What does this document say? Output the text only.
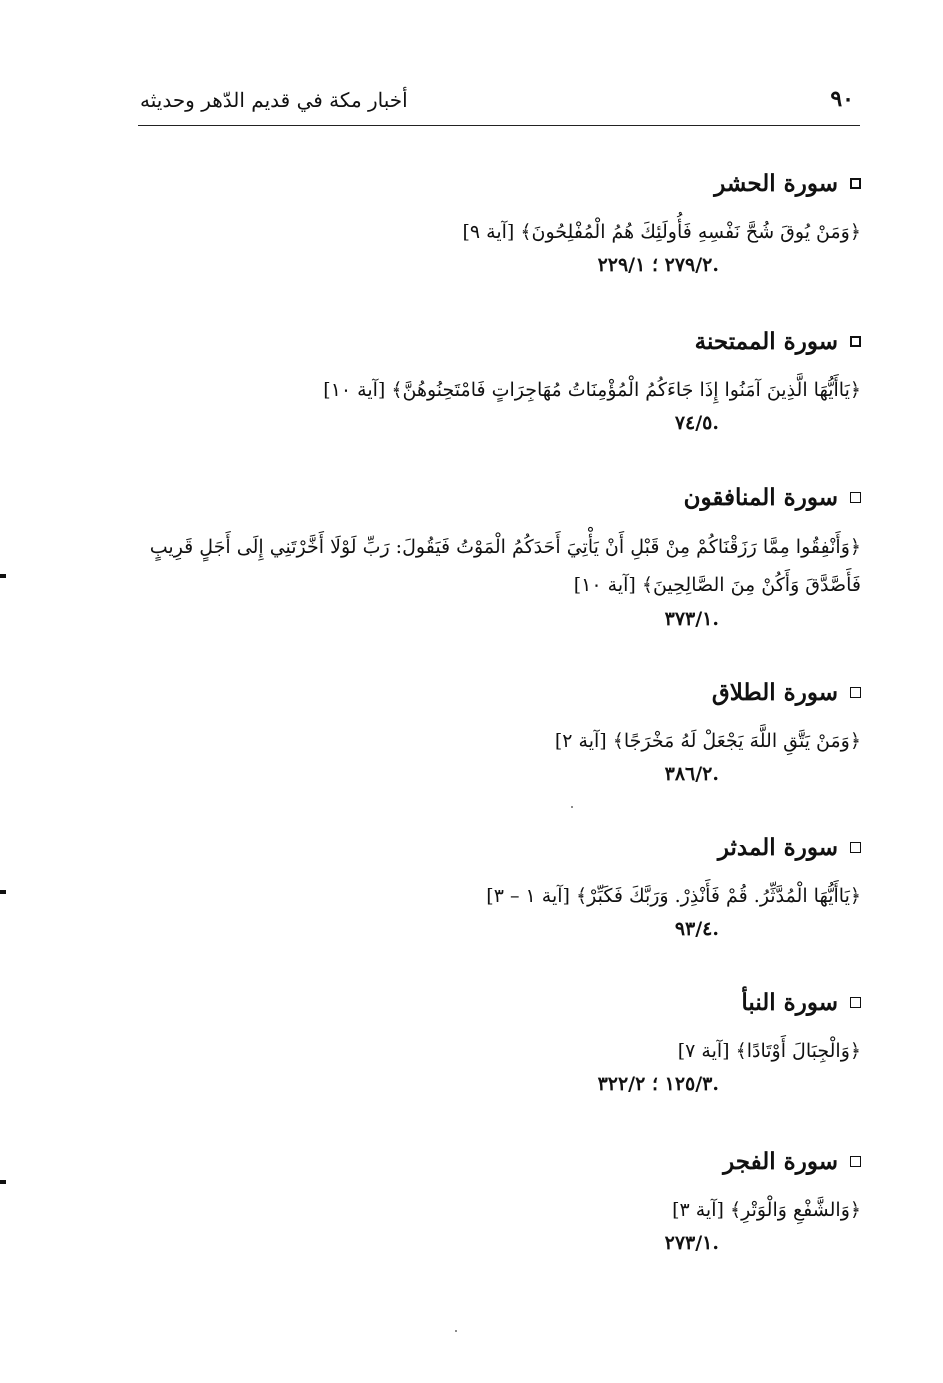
٩٠
أخبار مكة في قديم الدّهر وحديثه
سورة الحشر
﴿وَمَنْ يُوقَ شُحَّ نَفْسِهِ فَأُولَئِكَ هُمُ الْمُفْلِحُونَ﴾ [آية ٩]
.٢٧٩/٢ ؛ ٢٢٩/١
سورة الممتحنة
﴿يَاأَيُّهَا الَّذِينَ آمَنُوا إِذَا جَاءَكُمُ الْمُؤْمِنَاتُ مُهَاجِرَاتٍ فَامْتَحِنُوهُنَّ﴾ [آية ١٠]
.٧٤/٥
سورة المنافقون
﴿وَأَنْفِقُوا مِمَّا رَزَقْنَاكُمْ مِنْ قَبْلِ أَنْ يَأْتِيَ أَحَدَكُمُ الْمَوْتُ فَيَقُولَ: رَبِّ لَوْلَا أَخَّرْتَنِي إِلَى أَجَلٍ قَرِيبٍ فَأَصَّدَّقَ وَأَكُنْ مِنَ الصَّالِحِينَ﴾ [آية ١٠]
.٣٧٣/١
سورة الطلاق
﴿وَمَنْ يَتَّقِ اللَّهَ يَجْعَلْ لَهُ مَخْرَجًا﴾ [آية ٢]
.٣٨٦/٢
سورة المدثر
﴿يَاأَيُّهَا الْمُدَّثِّرُ. قُمْ فَأَنْذِرْ. وَرَبَّكَ فَكَبِّرْ﴾ [آية ١ – ٣]
.٩٣/٤
سورة النبأ
﴿وَالْجِبَالَ أَوْتَادًا﴾ [آية ٧]
.١٢٥/٣ ؛ ٣٢٢/٢
سورة الفجر
﴿وَالشَّفْعِ وَالْوَتْرِ﴾ [آية ٣]
.٢٧٣/١
